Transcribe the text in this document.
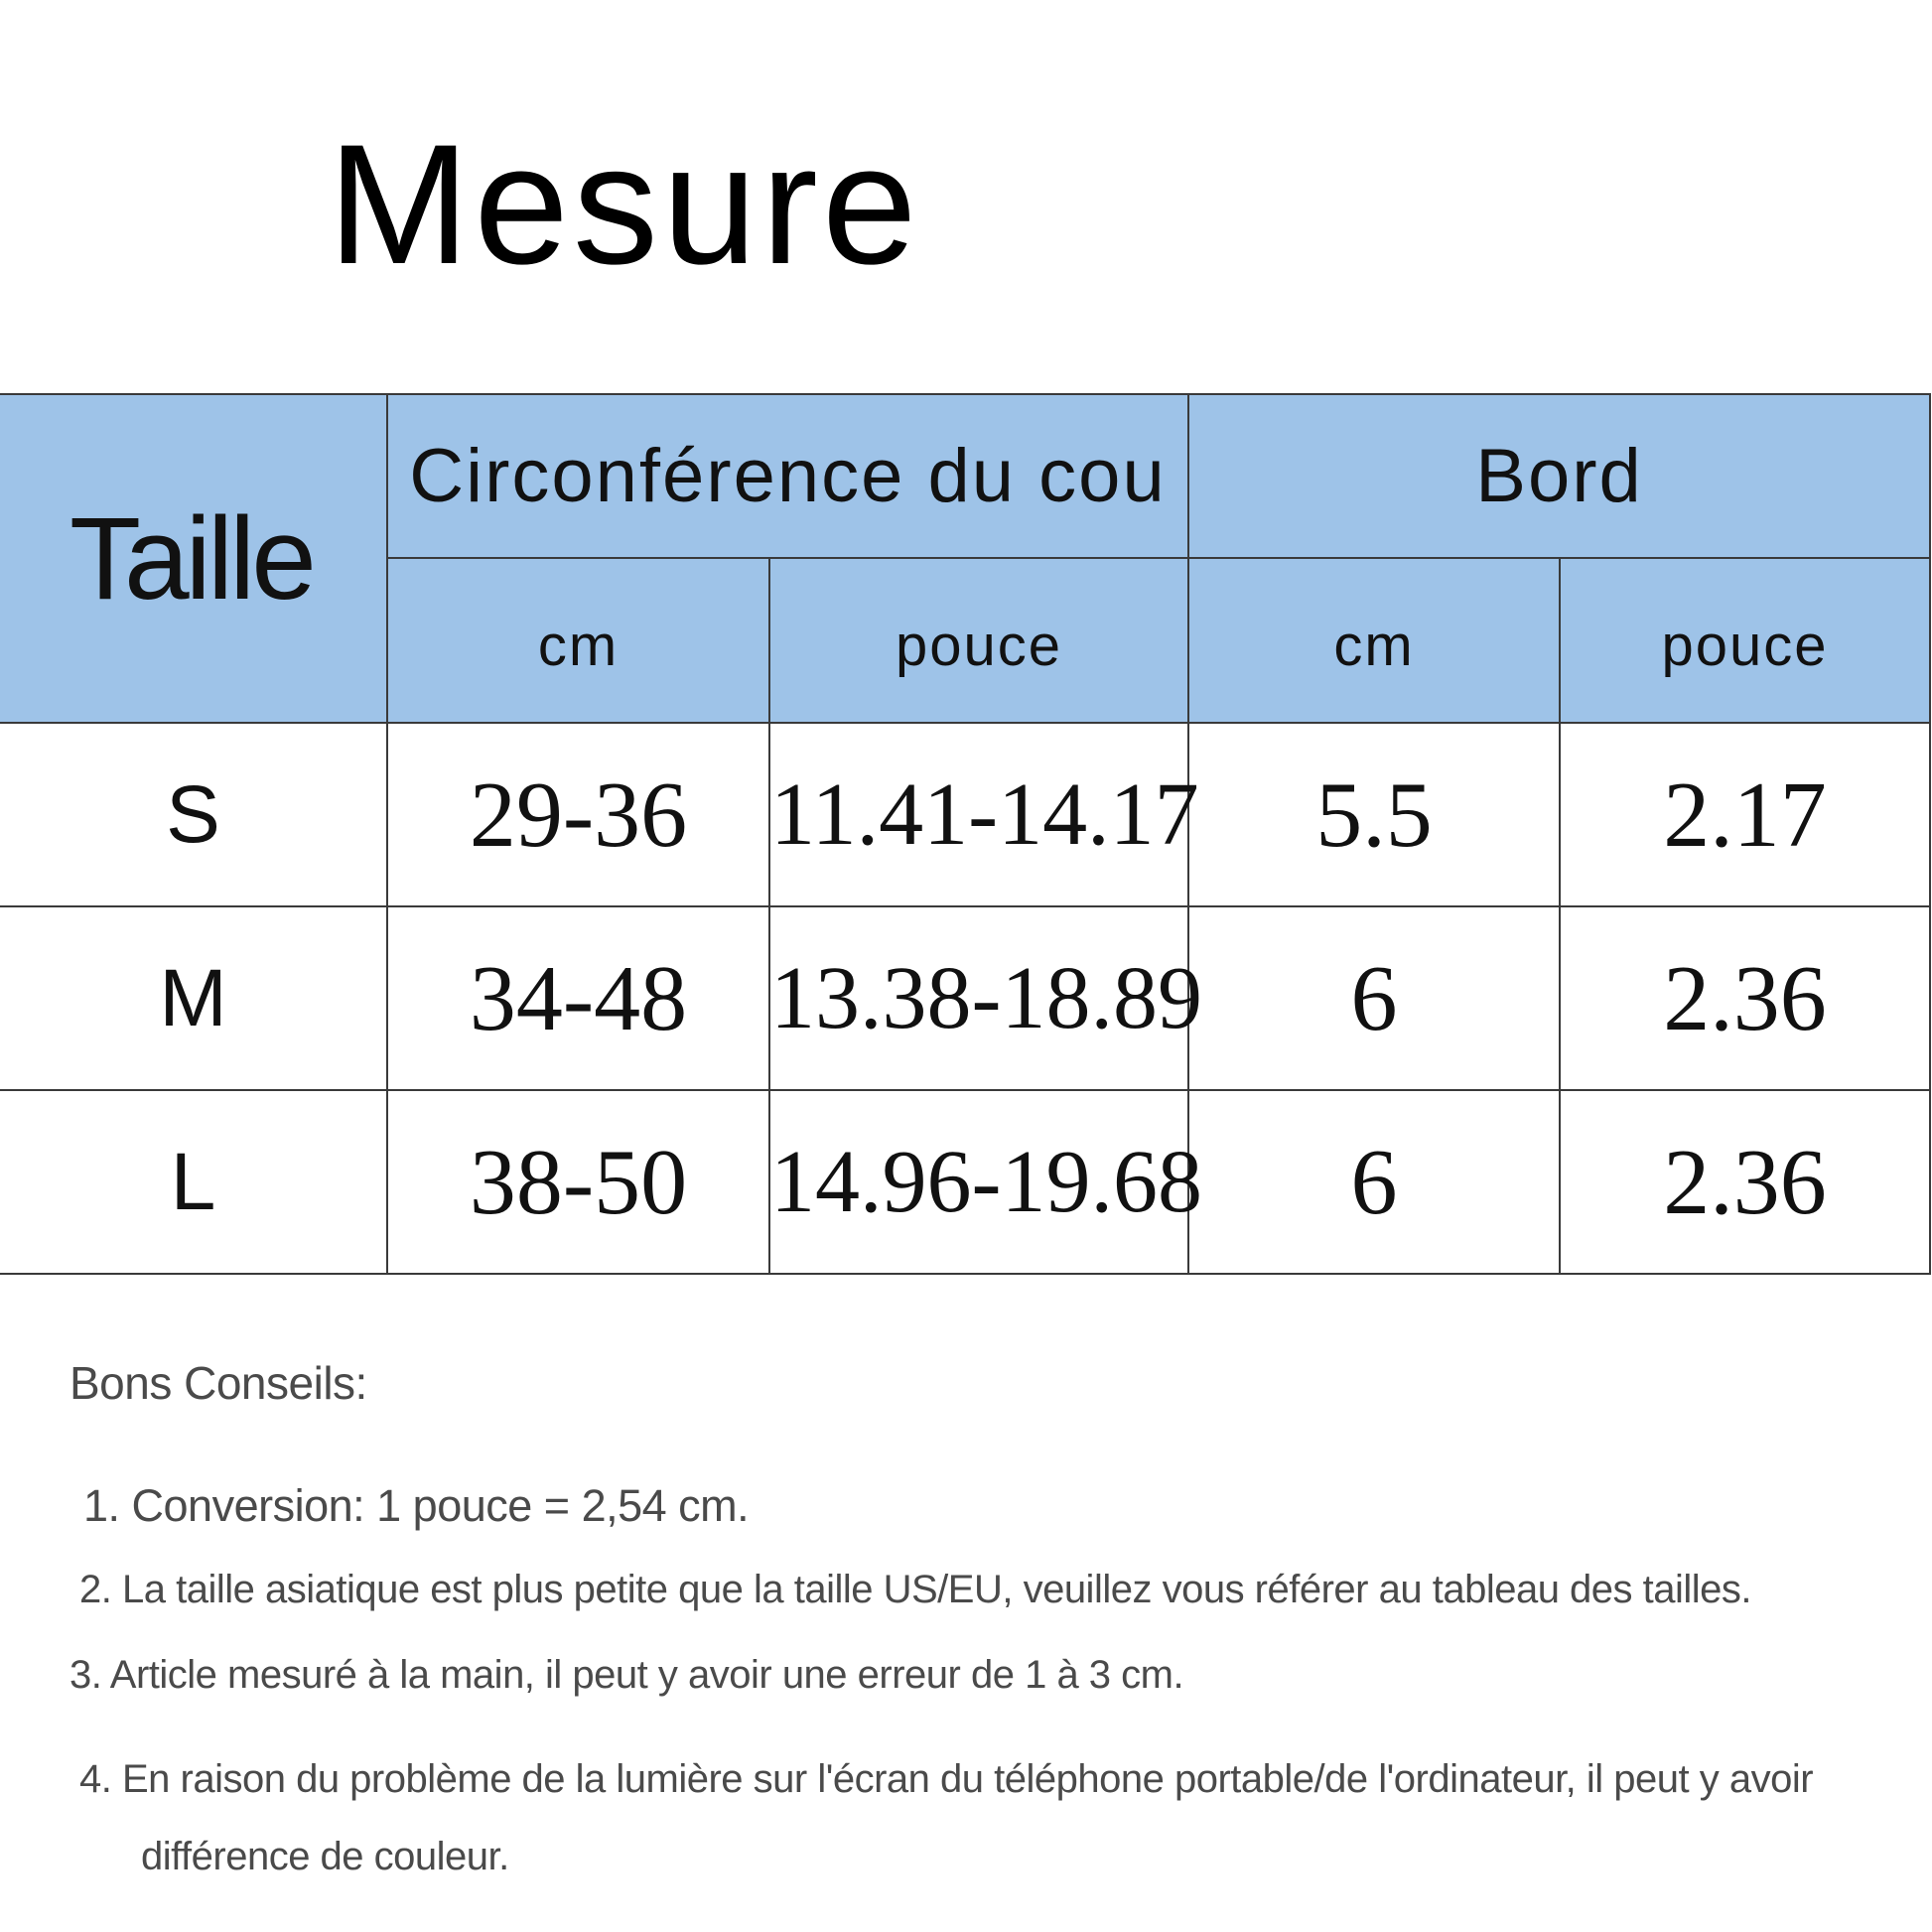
Mesure
Taille	Circonférence du cou		Bord	
	cm	pouce	cm	pouce
S	29-36	11.41-14.17	5.5	2.17
M	34-48	13.38-18.89	6	2.36
L	38-50	14.96-19.68	6	2.36

Bons Conseils:

1. Conversion: 1 pouce = 2,54 cm.

2. La taille asiatique est plus petite que la taille US/EU, veuillez vous référer au tableau des tailles.

3. Article mesuré à la main, il peut y avoir une erreur de 1 à 3 cm.

4. En raison du problème de la lumière sur l'écran du téléphone portable/de l'ordinateur, il peut y avoir
différence de couleur.
